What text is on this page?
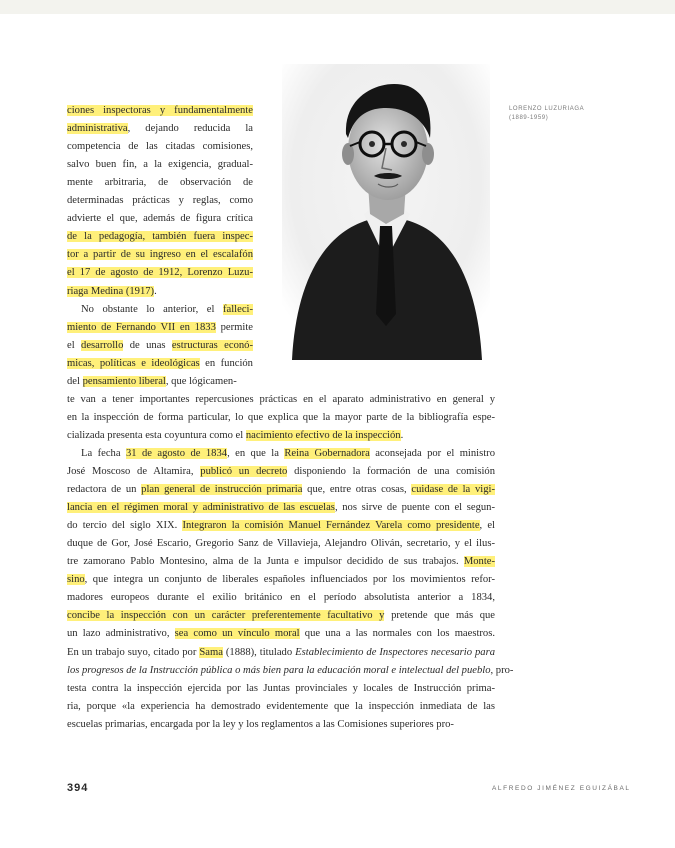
LORENZO LUZURIAGA
(1889-1959)
ciones inspectoras y fundamentalmente
administrativa, dejando reducida la
competencia de las citadas comisiones,
salvo buen fin, a la exigencia, gradual-
mente arbitraria, de observación de
determinadas prácticas y reglas, como
advierte el que, además de figura crítica
de la pedagogía, también fuera inspec-
tor a partir de su ingreso en el escalafón
el 17 de agosto de 1912, Lorenzo Luzu-
riaga Medina (1917).
No obstante lo anterior, el falleci-
miento de Fernando VII en 1833 permite
el desarrollo de unas estructuras econó-
micas, políticas e ideológicas en función
del pensamiento liberal, que lógicamen-
te van a tener importantes repercusiones prácticas en el aparato administrativo en general y
en la inspección de forma particular, lo que explica que la mayor parte de la bibliografía espe-
cializada presenta esta coyuntura como el nacimiento efectivo de la inspección.
La fecha 31 de agosto de 1834, en que la Reina Gobernadora aconsejada por el ministro
José Moscoso de Altamira, publicó un decreto disponiendo la formación de una comisión
redactora de un plan general de instrucción primaria que, entre otras cosas, cuidase de la vigi-
lancia en el régimen moral y administrativo de las escuelas, nos sirve de puente con el segun-
do tercio del siglo XIX. Integraron la comisión Manuel Fernández Varela como presidente, el
duque de Gor, José Escario, Gregorio Sanz de Villavieja, Alejandro Oliván, secretario, y el ilus-
tre zamorano Pablo Montesino, alma de la Junta e impulsor decidido de sus trabajos. Monte-
sino, que integra un conjunto de liberales españoles influenciados por los movimientos refor-
madores europeos durante el exilio británico en el período absolutista anterior a 1834,
concibe la inspección con un carácter preferentemente facultativo y pretende que más que
un lazo administrativo, sea como un vínculo moral que una a las normales con los maestros.
En un trabajo suyo, citado por Sama (1888), titulado Establecimiento de Inspectores necesario para
los progresos de la Instrucción pública o más bien para la educación moral e intelectual del pueblo, pro-
testa contra la inspección ejercida por las Juntas provinciales y locales de Instrucción prima-
ria, porque «la experiencia ha demostrado evidentemente que la inspección inmediata de las
escuelas primarias, encargada por la ley y los reglamentos a las Comisiones superiores pro-
394	ALFREDO JIMÉNEZ EGUIZÁBAL
